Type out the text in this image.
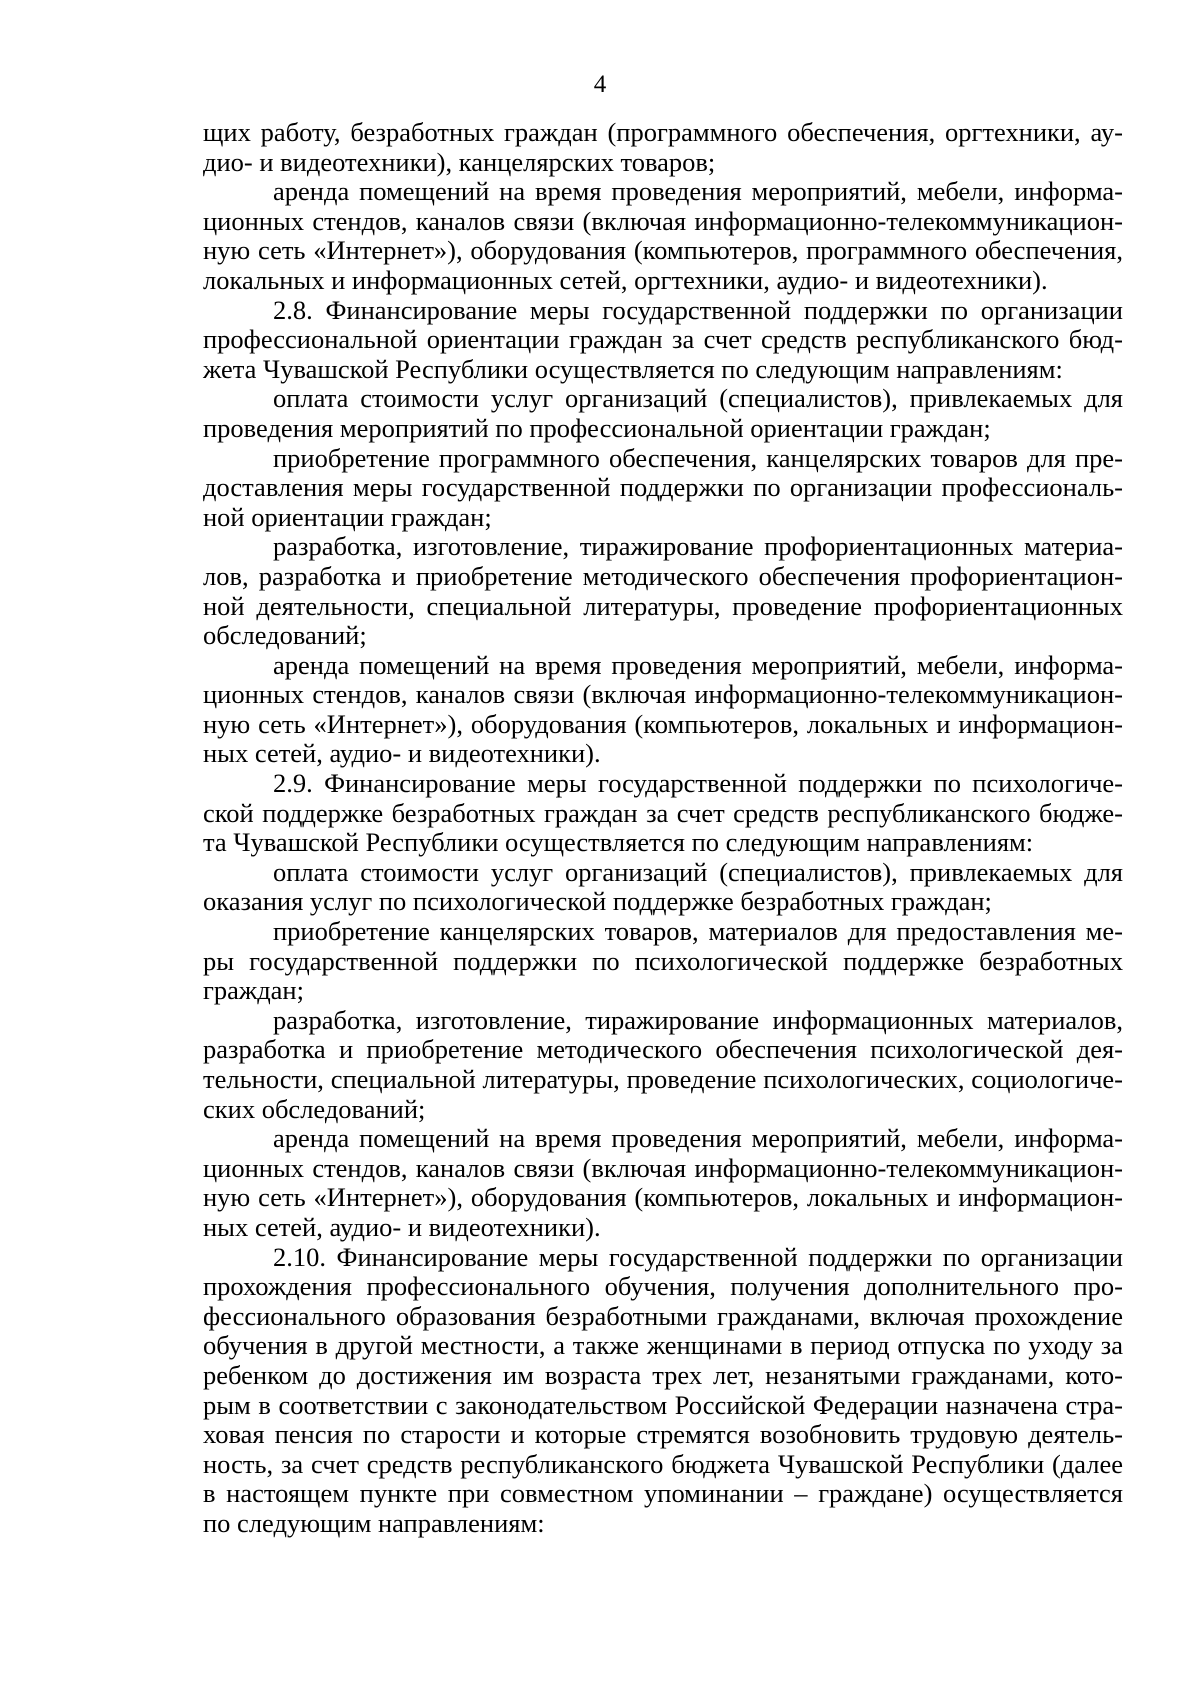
4

щих работу, безработных граждан (программного обеспечения, оргтехники, аудио- и видеотехники), канцелярских товаров;

аренда помещений на время проведения мероприятий, мебели, информационных стендов, каналов связи (включая информационно-телекоммуникационную сеть «Интернет»), оборудования (компьютеров, программного обеспечения, локальных и информационных сетей, оргтехники, аудио- и видеотехники).

2.8. Финансирование меры государственной поддержки по организации профессиональной ориентации граждан за счет средств республиканского бюджета Чувашской Республики осуществляется по следующим направлениям:

оплата стоимости услуг организаций (специалистов), привлекаемых для проведения мероприятий по профессиональной ориентации граждан;

приобретение программного обеспечения, канцелярских товаров для предоставления меры государственной поддержки по организации профессиональной ориентации граждан;

разработка, изготовление, тиражирование профориентационных материалов, разработка и приобретение методического обеспечения профориентационной деятельности, специальной литературы, проведение профориентационных обследований;

аренда помещений на время проведения мероприятий, мебели, информационных стендов, каналов связи (включая информационно-телекоммуникационную сеть «Интернет»), оборудования (компьютеров, локальных и информационных сетей, аудио- и видеотехники).

2.9. Финансирование меры государственной поддержки по психологической поддержке безработных граждан за счет средств республиканского бюджета Чувашской Республики осуществляется по следующим направлениям:

оплата стоимости услуг организаций (специалистов), привлекаемых для оказания услуг по психологической поддержке безработных граждан;

приобретение канцелярских товаров, материалов для предоставления меры государственной поддержки по психологической поддержке безработных граждан;

разработка, изготовление, тиражирование информационных материалов, разработка и приобретение методического обеспечения психологической деятельности, специальной литературы, проведение психологических, социологических обследований;

аренда помещений на время проведения мероприятий, мебели, информационных стендов, каналов связи (включая информационно-телекоммуникационную сеть «Интернет»), оборудования (компьютеров, локальных и информационных сетей, аудио- и видеотехники).

2.10. Финансирование меры государственной поддержки по организации прохождения профессионального обучения, получения дополнительного профессионального образования безработными гражданами, включая прохождение обучения в другой местности, а также женщинами в период отпуска по уходу за ребенком до достижения им возраста трех лет, незанятыми гражданами, которым в соответствии с законодательством Российской Федерации назначена страховая пенсия по старости и которые стремятся возобновить трудовую деятельность, за счет средств республиканского бюджета Чувашской Республики (далее в настоящем пункте при совместном упоминании – граждане) осуществляется по следующим направлениям:
